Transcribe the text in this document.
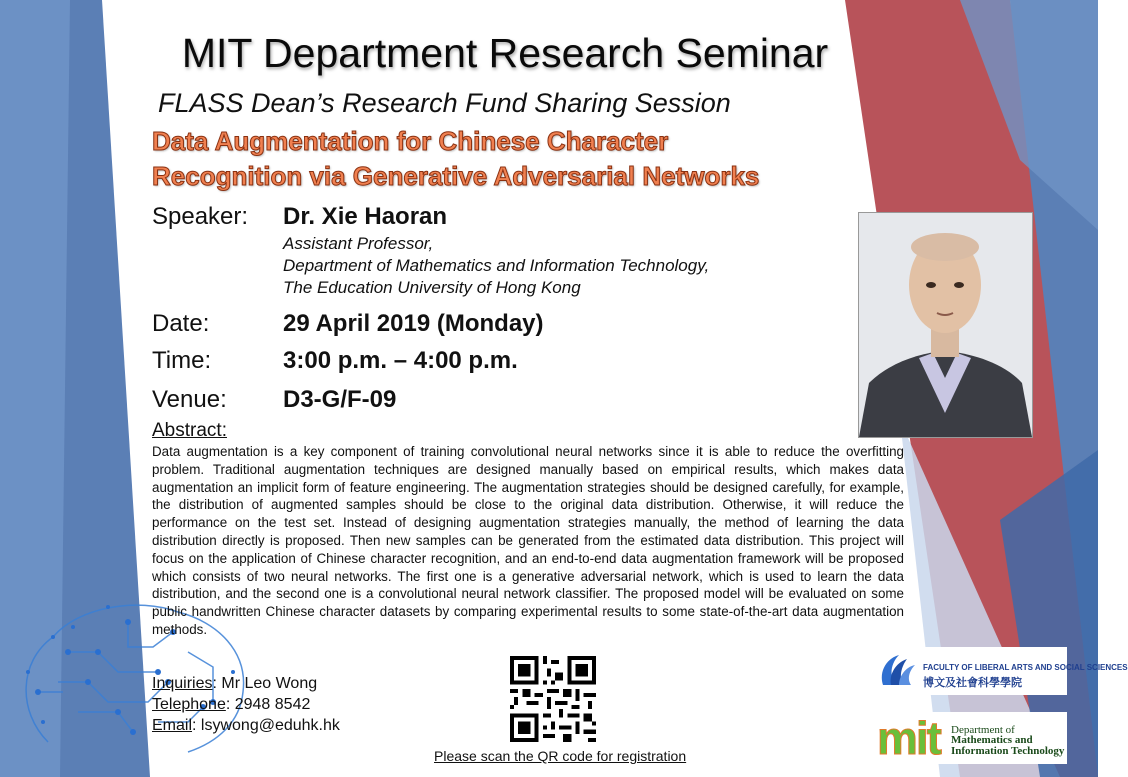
MIT Department Research Seminar
FLASS Dean’s Research Fund Sharing Session
Data Augmentation for Chinese Character
Recognition via Generative Adversarial Networks
Speaker: Dr. Xie Haoran
Assistant Professor,
Department of Mathematics and Information Technology,
The Education University of Hong Kong
Date:	29 April 2019 (Monday)
Time:	3:00 p.m. – 4:00 p.m.
Venue: D3-G/F-09
Abstract:
Data augmentation is a key component of training convolutional neural networks since it is able to reduce the overfitting problem. Traditional augmentation techniques are designed manually based on empirical results, which makes data augmentation an implicit form of feature engineering. The augmentation strategies should be designed carefully, for example, the distribution of augmented samples should be close to the original data distribution. Otherwise, it will reduce the performance on the test set. Instead of designing augmentation strategies manually, the method of learning the data distribution directly is proposed. Then new samples can be generated from the estimated data distribution. This project will focus on the application of Chinese character recognition, and an end-to-end data augmentation framework will be proposed which consists of two neural networks. The first one is a generative adversarial network, which is used to learn the data distribution, and the second one is a convolutional neural network classifier. The proposed model will be evaluated on some public handwritten Chinese character datasets by comparing experimental results to some state-of-the-art data augmentation methods.
Inquiries: Mr Leo Wong
Telephone: 2948 8542
Email: lsywong@eduhk.hk
Please scan the QR code for registration
FACULTY OF LIBERAL ARTS AND SOCIAL SCIENCES
博文及社會科學學院
mit Department of
Mathematics and
Information Technology
